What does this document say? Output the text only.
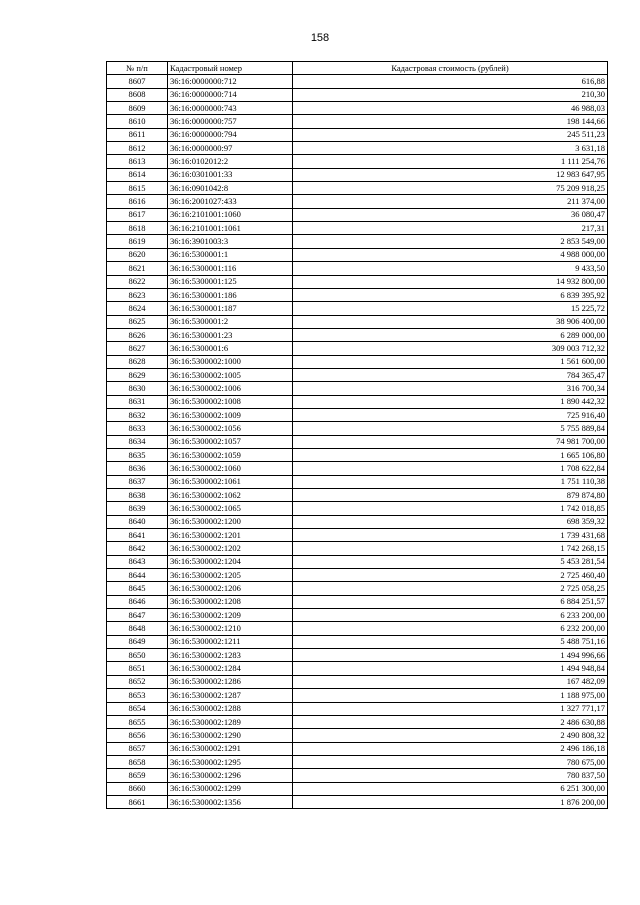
158
№ п/п	Кадастровый номер	Кадастровая стоимость (рублей)
8607	36:16:0000000:712	616,88
8608	36:16:0000000:714	210,30
8609	36:16:0000000:743	46 988,03
8610	36:16:0000000:757	198 144,66
8611	36:16:0000000:794	245 511,23
8612	36:16:0000000:97	3 631,18
8613	36:16:0102012:2	1 111 254,76
8614	36:16:0301001:33	12 983 647,95
8615	36:16:0901042:8	75 209 918,25
8616	36:16:2001027:433	211 374,00
8617	36:16:2101001:1060	36 080,47
8618	36:16:2101001:1061	217,31
8619	36:16:3901003:3	2 853 549,00
8620	36:16:5300001:1	4 988 000,00
8621	36:16:5300001:116	9 433,50
8622	36:16:5300001:125	14 932 800,00
8623	36:16:5300001:186	6 839 395,92
8624	36:16:5300001:187	15 225,72
8625	36:16:5300001:2	38 906 400,00
8626	36:16:5300001:23	6 289 000,00
8627	36:16:5300001:6	309 003 712,32
8628	36:16:5300002:1000	1 561 600,00
8629	36:16:5300002:1005	784 365,47
8630	36:16:5300002:1006	316 700,34
8631	36:16:5300002:1008	1 890 442,32
8632	36:16:5300002:1009	725 916,40
8633	36:16:5300002:1056	5 755 889,84
8634	36:16:5300002:1057	74 981 700,00
8635	36:16:5300002:1059	1 665 106,80
8636	36:16:5300002:1060	1 708 622,84
8637	36:16:5300002:1061	1 751 110,38
8638	36:16:5300002:1062	879 874,80
8639	36:16:5300002:1065	1 742 018,85
8640	36:16:5300002:1200	698 359,32
8641	36:16:5300002:1201	1 739 431,68
8642	36:16:5300002:1202	1 742 268,15
8643	36:16:5300002:1204	5 453 281,54
8644	36:16:5300002:1205	2 725 460,40
8645	36:16:5300002:1206	2 725 058,25
8646	36:16:5300002:1208	6 884 251,57
8647	36:16:5300002:1209	6 233 200,00
8648	36:16:5300002:1210	6 232 200,00
8649	36:16:5300002:1211	5 488 751,16
8650	36:16:5300002:1283	1 494 996,66
8651	36:16:5300002:1284	1 494 948,84
8652	36:16:5300002:1286	167 482,09
8653	36:16:5300002:1287	1 188 975,00
8654	36:16:5300002:1288	1 327 771,17
8655	36:16:5300002:1289	2 486 630,88
8656	36:16:5300002:1290	2 490 808,32
8657	36:16:5300002:1291	2 496 186,18
8658	36:16:5300002:1295	780 675,00
8659	36:16:5300002:1296	780 837,50
8660	36:16:5300002:1299	6 251 300,00
8661	36:16:5300002:1356	1 876 200,00
